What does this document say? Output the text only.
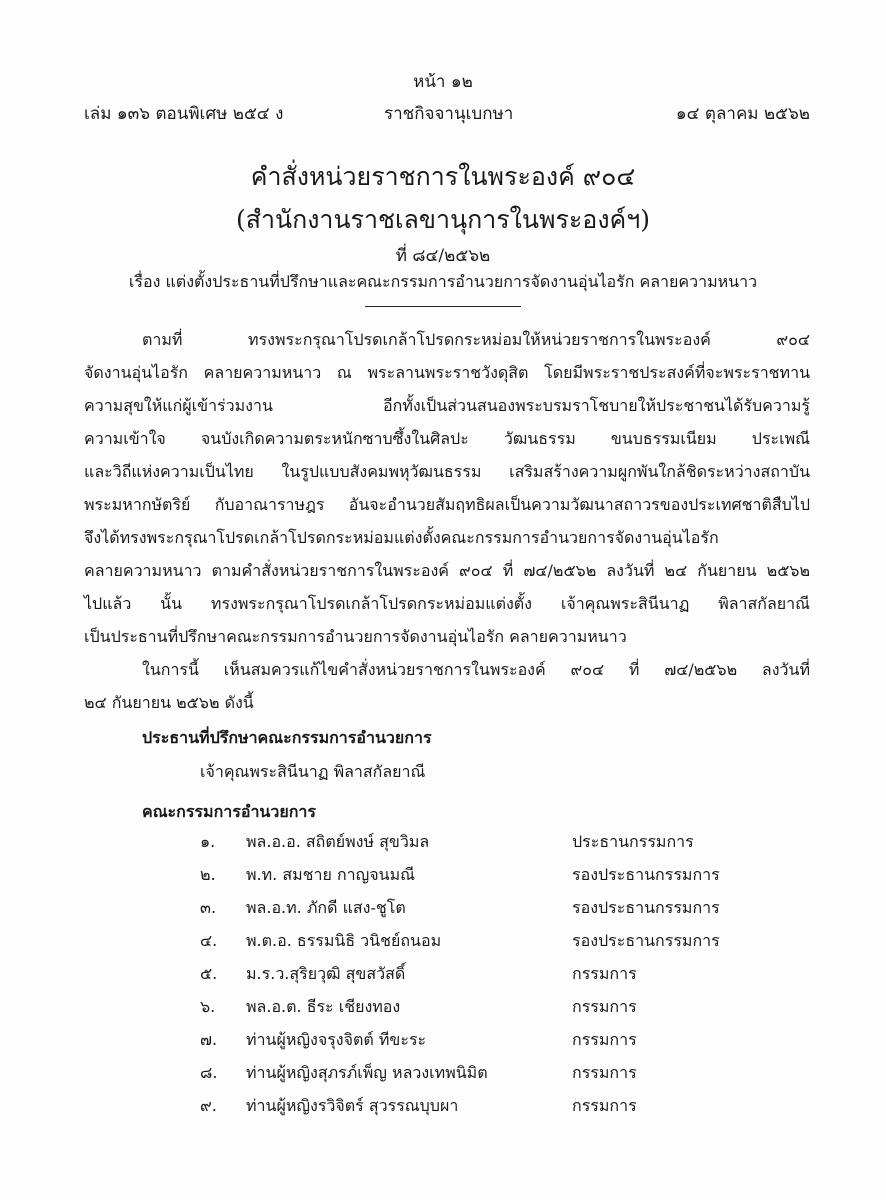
หน้า ๑๒
เล่ม ๑๓๖ ตอนพิเศษ ๒๕๔ ง	ราชกิจจานุเบกษา	๑๔ ตุลาคม ๒๕๖๒
คำสั่งหน่วยราชการในพระองค์ ๙๐๔
(สำนักงานราชเลขานุการในพระองค์ฯ)
ที่ ๘๔/๒๕๖๒
เรื่อง แต่งตั้งประธานที่ปรึกษาและคณะกรรมการอำนวยการจัดงานอุ่นไอรัก คลายความหนาว
ตามที่ ทรงพระกรุณาโปรดเกล้าโปรดกระหม่อมให้หน่วยราชการในพระองค์ ๙๐๔
จัดงานอุ่นไอรัก คลายความหนาว ณ พระลานพระราชวังดุสิต โดยมีพระราชประสงค์ที่จะพระราชทาน
ความสุขให้แก่ผู้เข้าร่วมงาน อีกทั้งเป็นส่วนสนองพระบรมราโชบายให้ประชาชนได้รับความรู้
ความเข้าใจ จนบังเกิดความตระหนักซาบซึ้งในศิลปะ วัฒนธรรม ขนบธรรมเนียม ประเพณี
และวิถีแห่งความเป็นไทย ในรูปแบบสังคมพหุวัฒนธรรม เสริมสร้างความผูกพันใกล้ชิดระหว่างสถาบัน
พระมหากษัตริย์ กับอาณาราษฎร อันจะอำนวยสัมฤทธิผลเป็นความวัฒนาสถาวรของประเทศชาติสืบไป
จึงได้ทรงพระกรุณาโปรดเกล้าโปรดกระหม่อมแต่งตั้งคณะกรรมการอำนวยการจัดงานอุ่นไอรัก
คลายความหนาว ตามคำสั่งหน่วยราชการในพระองค์ ๙๐๔ ที่ ๗๔/๒๕๖๒ ลงวันที่ ๒๔ กันยายน ๒๕๖๒
ไปแล้ว นั้น ทรงพระกรุณาโปรดเกล้าโปรดกระหม่อมแต่งตั้ง เจ้าคุณพระสินีนาฏ พิลาสกัลยาณี
เป็นประธานที่ปรึกษาคณะกรรมการอำนวยการจัดงานอุ่นไอรัก คลายความหนาว
ในการนี้ เห็นสมควรแก้ไขคำสั่งหน่วยราชการในพระองค์ ๙๐๔ ที่ ๗๔/๒๕๖๒ ลงวันที่
๒๔ กันยายน ๒๕๖๒ ดังนี้
ประธานที่ปรึกษาคณะกรรมการอำนวยการ
เจ้าคุณพระสินีนาฏ พิลาสกัลยาณี
คณะกรรมการอำนวยการ
๑.	พล.อ.อ. สถิตย์พงษ์ สุขวิมล	ประธานกรรมการ
๒.	พ.ท. สมชาย กาญจนมณี	รองประธานกรรมการ
๓.	พล.อ.ท. ภักดี แสง-ชูโต	รองประธานกรรมการ
๔.	พ.ต.อ. ธรรมนิธิ วนิชย์ถนอม	รองประธานกรรมการ
๕.	ม.ร.ว.สุริยวุฒิ สุขสวัสดิ์	กรรมการ
๖.	พล.อ.ต. ธีระ เชียงทอง	กรรมการ
๗.	ท่านผู้หญิงจรุงจิตต์ ทีขะระ	กรรมการ
๘.	ท่านผู้หญิงสุภรภ์เพ็ญ หลวงเทพนิมิต	กรรมการ
๙.	ท่านผู้หญิงรวิจิตร์ สุวรรณบุบผา	กรรมการ
